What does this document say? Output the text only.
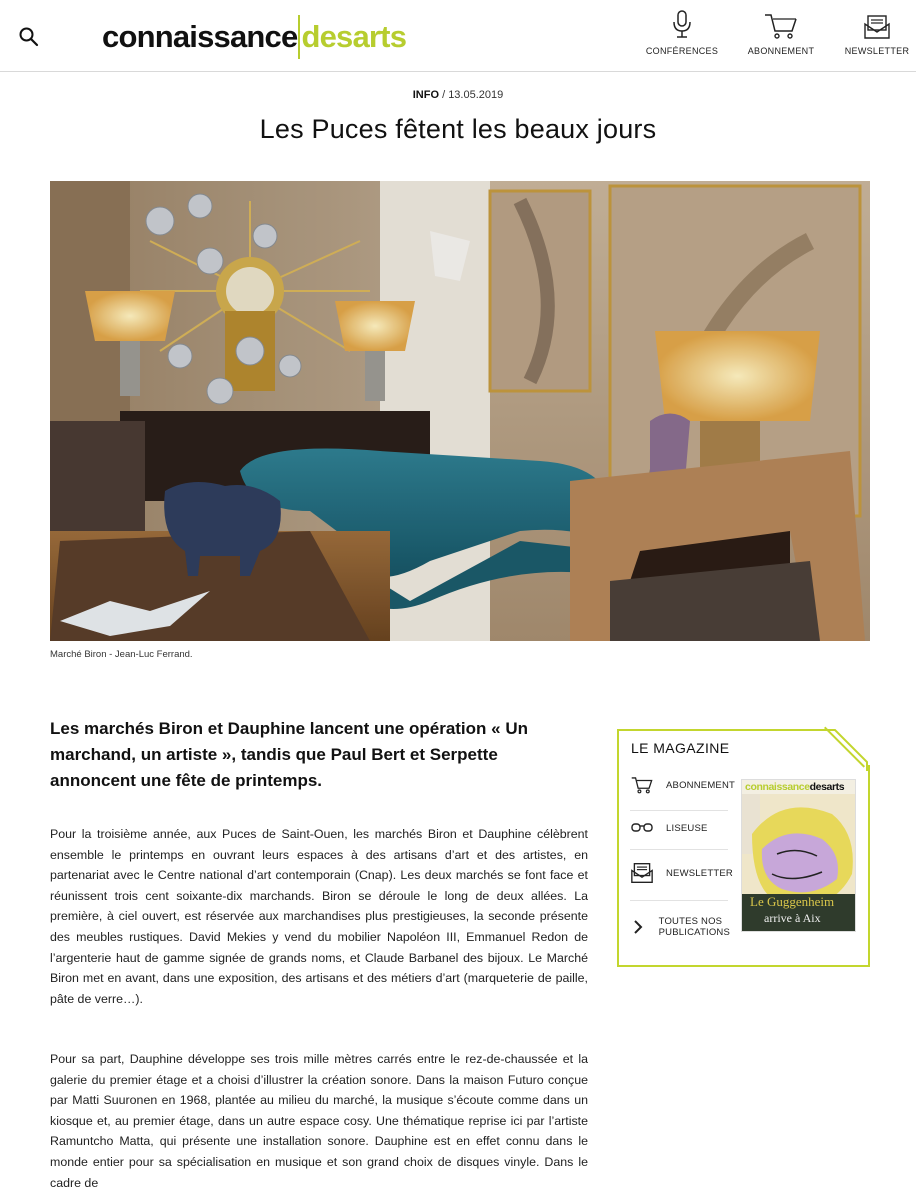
connaissance desarts	CONFÉRENCES	ABONNEMENT	NEWSLETTER
INFO / 13.05.2019
Les Puces fêtent les beaux jours
Marché Biron - Jean-Luc Ferrand.

Les marchés Biron et Dauphine lancent une opération « Un marchand, un artiste », tandis que Paul Bert et Serpette annoncent une fête de printemps.

Pour la troisième année, aux Puces de Saint-Ouen, les marchés Biron et Dauphine célèbrent ensemble le printemps en ouvrant leurs espaces à des artisans d’art et des artistes, en partenariat avec le Centre national d’art contemporain (Cnap). Les deux marchés se font face et réunissent trois cent soixante-dix marchands. Biron se déroule le long de deux allées. La première, à ciel ouvert, est réservée aux marchandises plus prestigieuses, la seconde présente des meubles rustiques. David Mekies y vend du mobilier Napoléon III, Emmanuel Redon de l’argenterie haut de gamme signée de grands noms, et Claude Barbanel des bijoux. Le Marché Biron met en avant, dans une exposition, des artisans et des métiers d’art (marqueterie de paille, pâte de verre…).

Pour sa part, Dauphine développe ses trois mille mètres carrés entre le rez-de-chaussée et la galerie du premier étage et a choisi d’illustrer la création sonore. Dans la maison Futuro conçue par Matti Suuronen en 1968, plantée au milieu du marché, la musique s’écoute comme dans un kiosque et, au premier étage, dans un autre espace cosy. Une thématique reprise ici par l’artiste Ramuntcho Matta, qui présente une installation sonore. Dauphine est en effet connu dans le monde entier pour sa spécialisation en musique et son grand choix de disques vinyle. Dans le cadre de

LE MAGAZINE
ABONNEMENT
LISEUSE
NEWSLETTER
TOUTES NOS PUBLICATIONS
connaissancedesarts
Le Guggenheim
arrive à Aix
